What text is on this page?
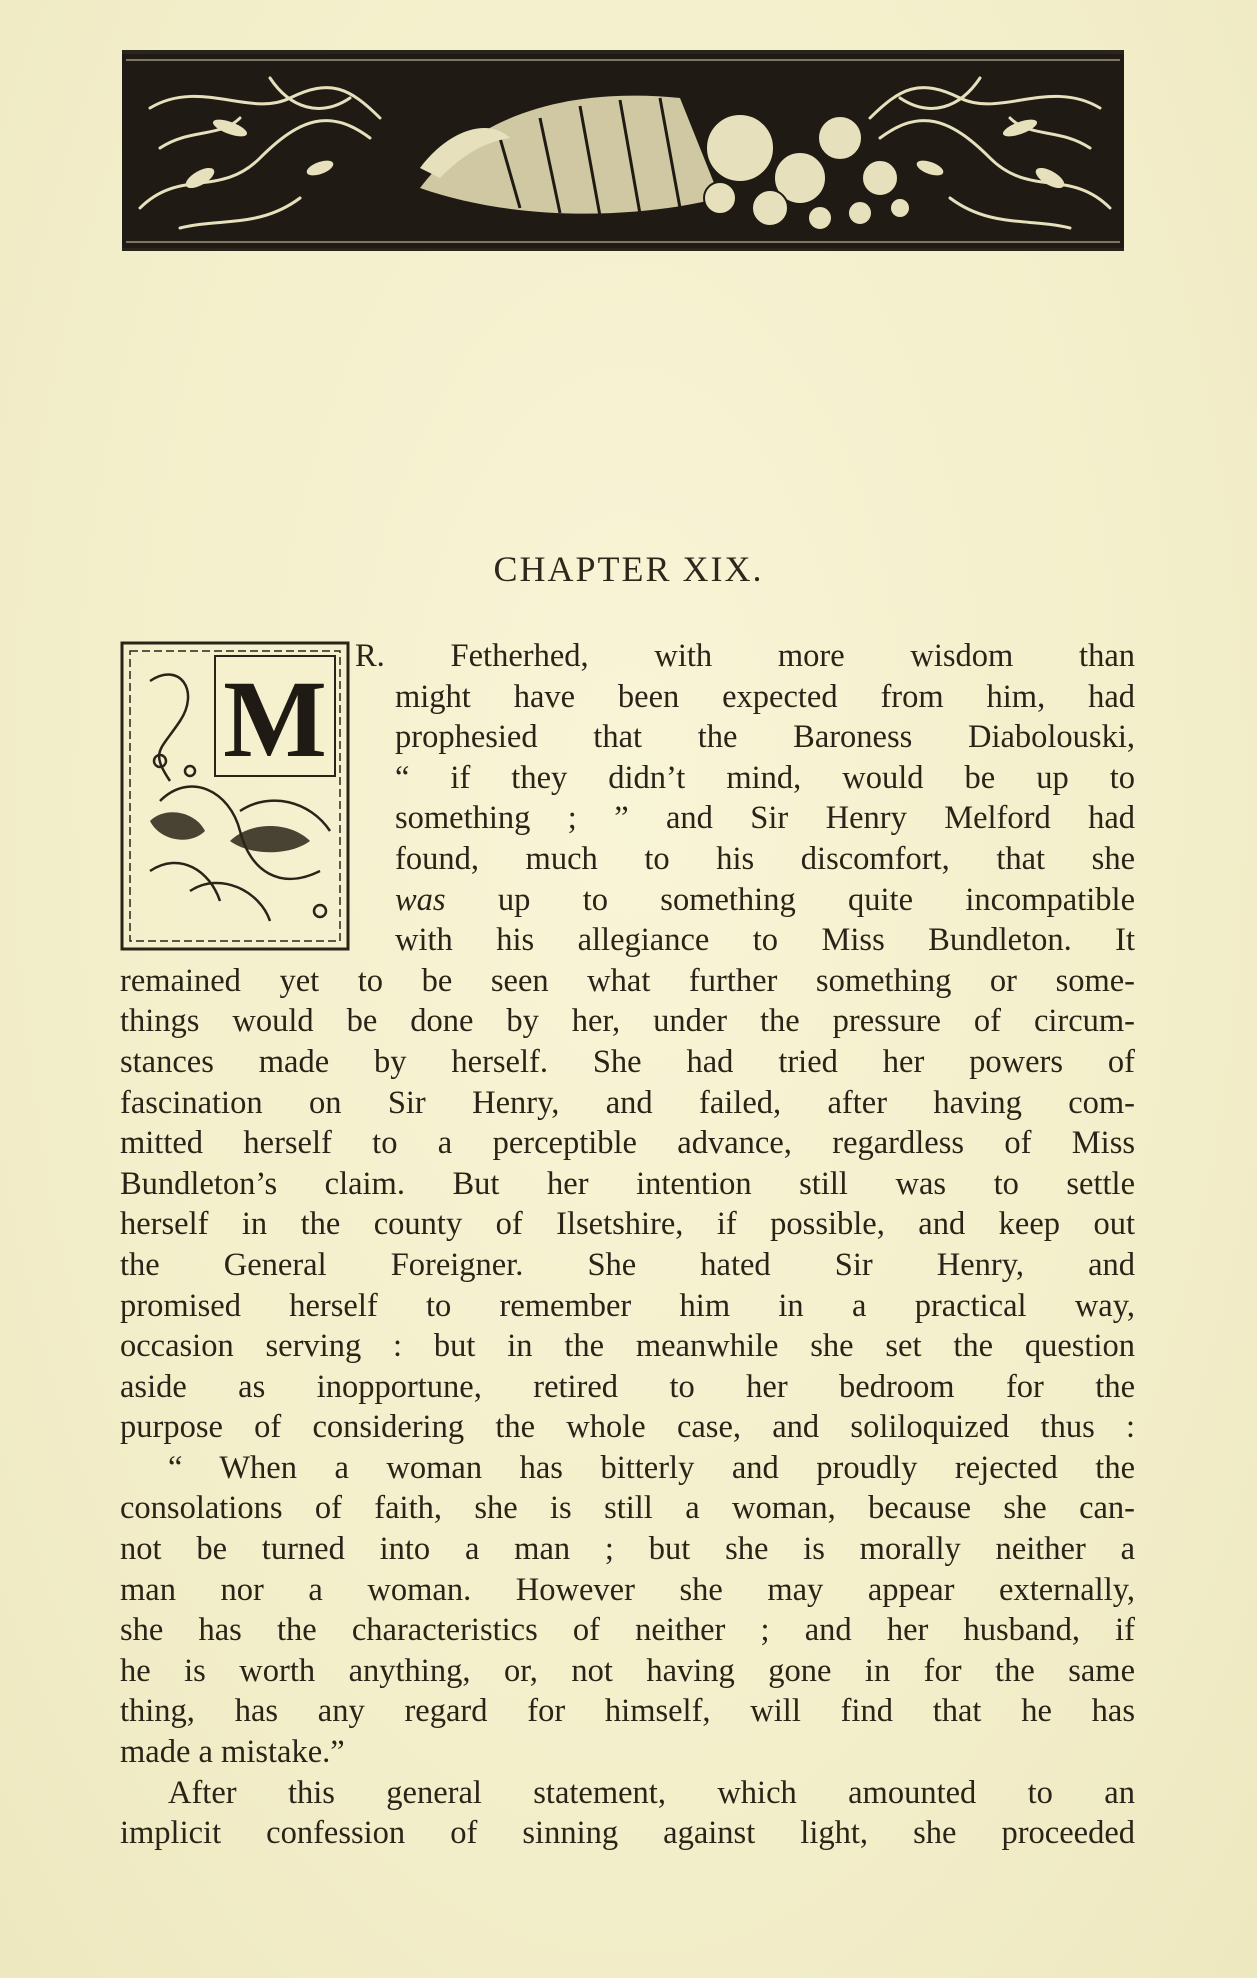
CHAPTER XIX.
M
R. Fetherhed, with more wisdom than
might have been expected from him, had
prophesied that the Baroness Diabolouski,
“ if they didn’t mind, would be up to
something ; ” and Sir Henry Melford had
found, much to his discomfort, that she
was up to something quite incompatible
with his allegiance to Miss Bundleton. It
remained yet to be seen what further something or some-
things would be done by her, under the pressure of circum-
stances made by herself. She had tried her powers of
fascination on Sir Henry, and failed, after having com-
mitted herself to a perceptible advance, regardless of Miss
Bundleton’s claim. But her intention still was to settle
herself in the county of Ilsetshire, if possible, and keep out
the General Foreigner. She hated Sir Henry, and
promised herself to remember him in a practical way,
occasion serving : but in the meanwhile she set the question
aside as inopportune, retired to her bedroom for the
purpose of considering the whole case, and soliloquized thus :
“ When a woman has bitterly and proudly rejected the
consolations of faith, she is still a woman, because she can-
not be turned into a man ; but she is morally neither a
man nor a woman. However she may appear externally,
she has the characteristics of neither ; and her husband, if
he is worth anything, or, not having gone in for the same
thing, has any regard for himself, will find that he has
made a mistake.”
After this general statement, which amounted to an
implicit confession of sinning against light, she proceeded
